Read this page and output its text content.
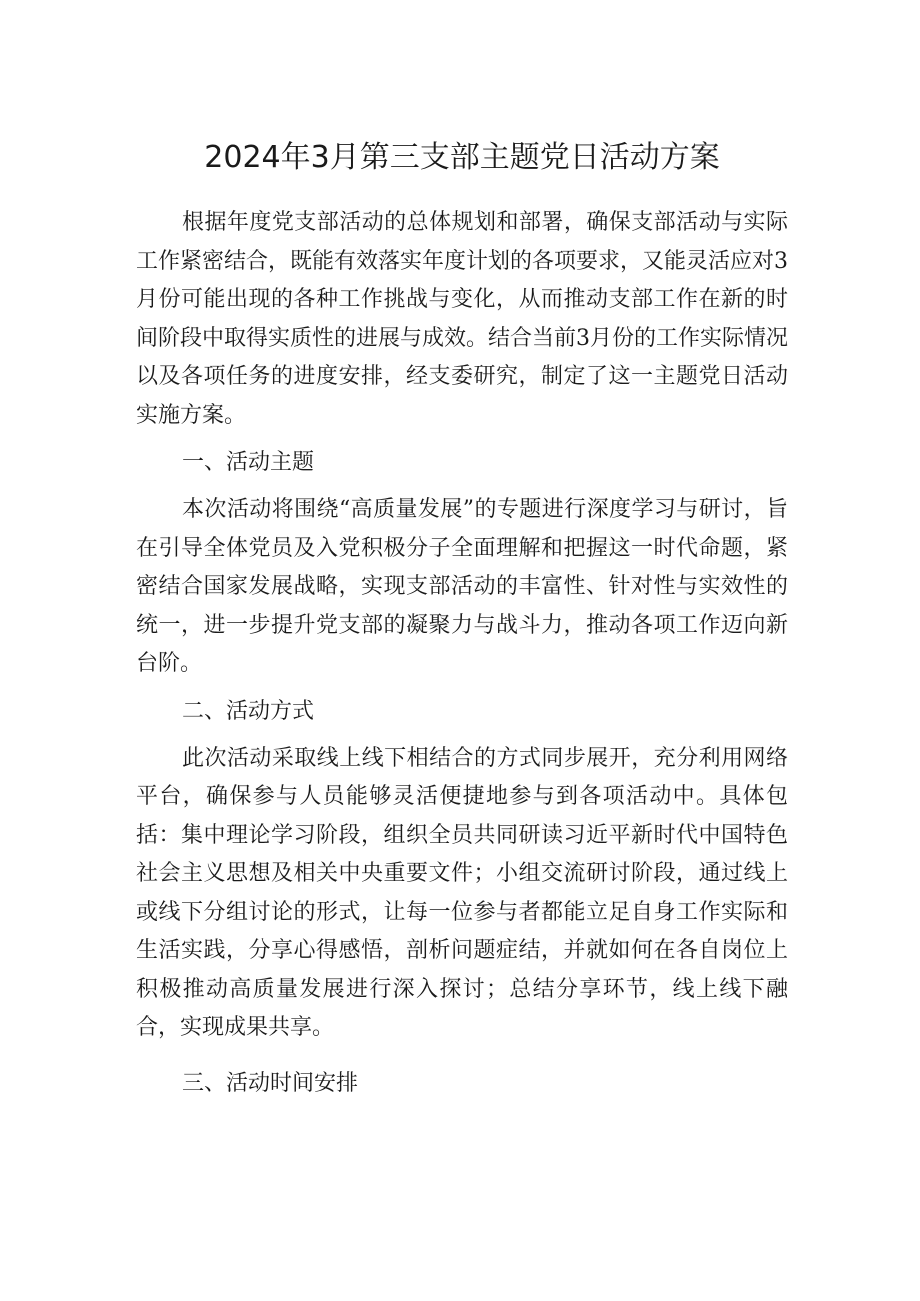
2024年3月第三支部主题党日活动方案

根据年度党支部活动的总体规划和部署，确保支部活动与实际工作紧密结合，既能有效落实年度计划的各项要求，又能灵活应对3月份可能出现的各种工作挑战与变化，从而推动支部工作在新的时间阶段中取得实质性的进展与成效。结合当前3月份的工作实际情况以及各项任务的进度安排，经支委研究，制定了这一主题党日活动实施方案。

一、活动主题

本次活动将围绕“高质量发展”的专题进行深度学习与研讨，旨在引导全体党员及入党积极分子全面理解和把握这一时代命题，紧密结合国家发展战略，实现支部活动的丰富性、针对性与实效性的统一，进一步提升党支部的凝聚力与战斗力，推动各项工作迈向新台阶。

二、活动方式

此次活动采取线上线下相结合的方式同步展开，充分利用网络平台，确保参与人员能够灵活便捷地参与到各项活动中。具体包括：集中理论学习阶段，组织全员共同研读习近平新时代中国特色社会主义思想及相关中央重要文件；小组交流研讨阶段，通过线上或线下分组讨论的形式，让每一位参与者都能立足自身工作实际和生活实践，分享心得感悟，剖析问题症结，并就如何在各自岗位上积极推动高质量发展进行深入探讨；总结分享环节，线上线下融合，实现成果共享。

三、活动时间安排
